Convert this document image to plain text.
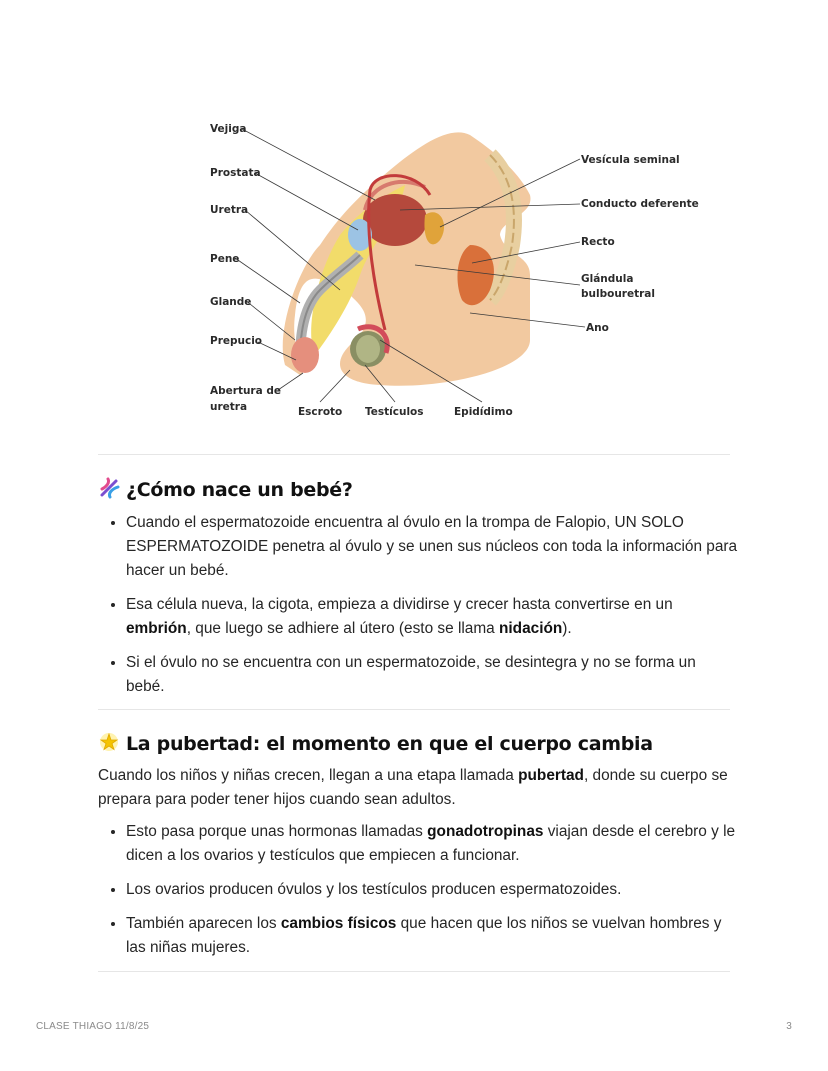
Vejiga
Prostata
Uretra
Pene
Glande
Prepucio
Abertura de
uretra
Vesícula seminal
Conducto deferente
Recto
Glándula
bulbouretral
Ano
Escroto Testículos	Epidídimo
¿Cómo nace un bebé?
• Cuando el espermatozoide encuentra al óvulo en la trompa de Falopio, UN SOLO ESPERMATOZOIDE penetra al óvulo y se unen sus núcleos con toda la información para hacer un bebé.
• Esa célula nueva, la cigota, empieza a dividirse y crecer hasta convertirse en un embrión, que luego se adhiere al útero (esto se llama nidación).
• Si el óvulo no se encuentra con un espermatozoide, se desintegra y no se forma un bebé.
La pubertad: el momento en que el cuerpo cambia

Cuando los niños y niñas crecen, llegan a una etapa llamada pubertad, donde su cuerpo se prepara para poder tener hijos cuando sean adultos.

• Esto pasa porque unas hormonas llamadas gonadotropinas viajan desde el cerebro y le dicen a los ovarios y testículos que empiecen a funcionar.
• Los ovarios producen óvulos y los testículos producen espermatozoides.
• También aparecen los cambios físicos que hacen que los niños se vuelvan hombres y las niñas mujeres.
CLASE THIAGO 11/8/25	3
